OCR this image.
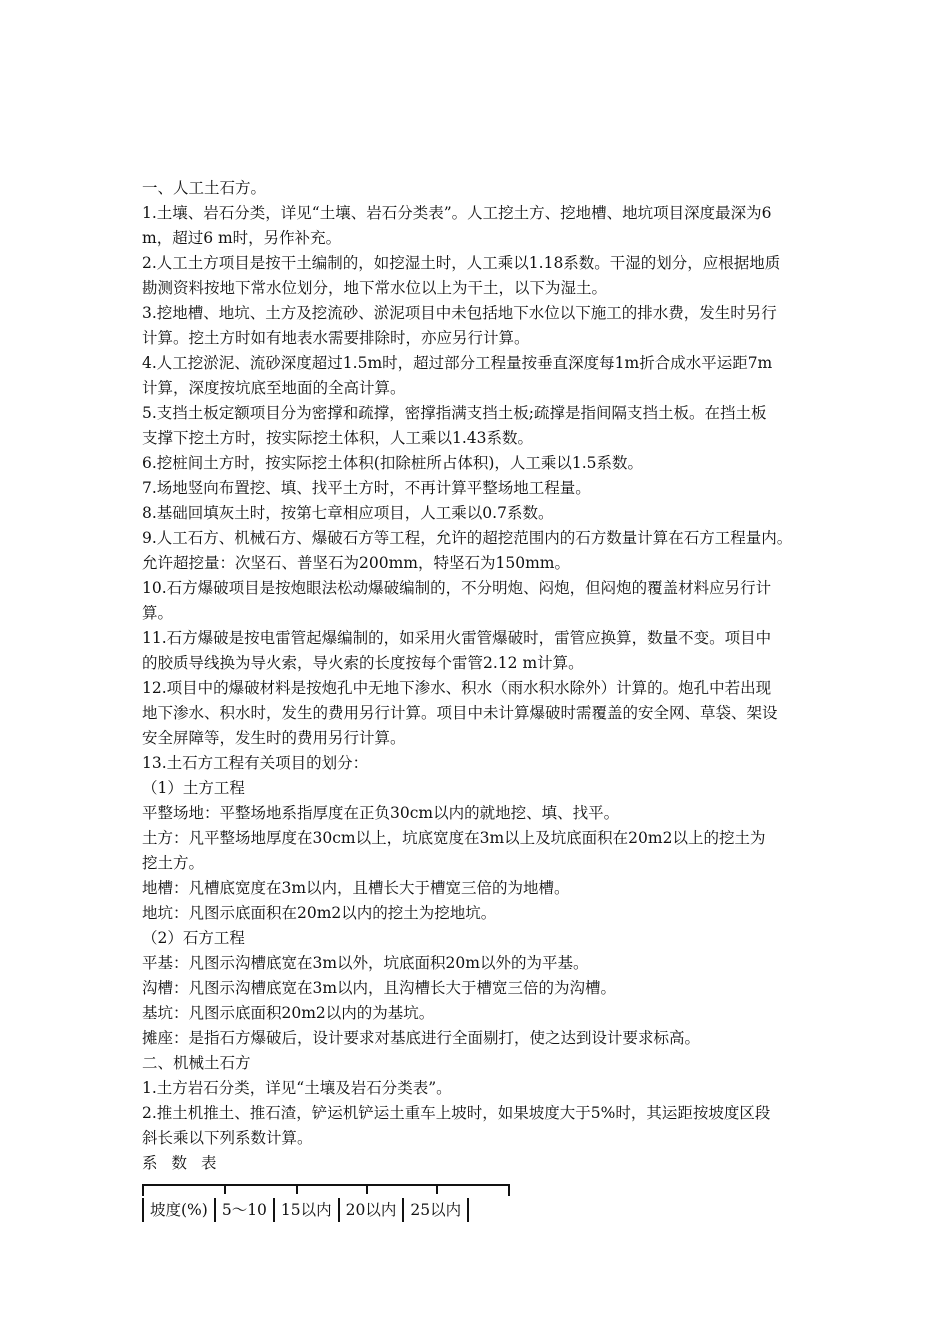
一、人工土石方。
1.土壤、岩石分类，详见“土壤、岩石分类表”。人工挖土方、挖地槽、地坑项目深度最深为6
m，超过6 m时，另作补充。
2.人工土方项目是按干土编制的，如挖湿土时，人工乘以1.18系数。干湿的划分，应根据地质
勘测资料按地下常水位划分，地下常水位以上为干土，以下为湿土。
3.挖地槽、地坑、土方及挖流砂、淤泥项目中未包括地下水位以下施工的排水费，发生时另行
计算。挖土方时如有地表水需要排除时，亦应另行计算。
4.人工挖淤泥、流砂深度超过1.5m时，超过部分工程量按垂直深度每1m折合成水平运距7m
计算，深度按坑底至地面的全高计算。
5.支挡土板定额项目分为密撑和疏撑，密撑指满支挡土板;疏撑是指间隔支挡土板。在挡土板
支撑下挖土方时，按实际挖土体积，人工乘以1.43系数。
6.挖桩间土方时，按实际挖土体积(扣除桩所占体积)，人工乘以1.5系数。
7.场地竖向布置挖、填、找平土方时，不再计算平整场地工程量。
8.基础回填灰土时，按第七章相应项目，人工乘以0.7系数。
9.人工石方、机械石方、爆破石方等工程，允许的超挖范围内的石方数量计算在石方工程量内。
允许超挖量：次坚石、普坚石为200mm，特坚石为150mm。
10.石方爆破项目是按炮眼法松动爆破编制的，不分明炮、闷炮，但闷炮的覆盖材料应另行计
算。
11.石方爆破是按电雷管起爆编制的，如采用火雷管爆破时，雷管应换算，数量不变。项目中
的胶质导线换为导火索，导火索的长度按每个雷管2.12 m计算。
12.项目中的爆破材料是按炮孔中无地下渗水、积水（雨水积水除外）计算的。炮孔中若出现
地下渗水、积水时，发生的费用另行计算。项目中未计算爆破时需覆盖的安全网、草袋、架设
安全屏障等，发生时的费用另行计算。
13.土石方工程有关项目的划分：
（1）土方工程
平整场地：平整场地系指厚度在正负30cm以内的就地挖、填、找平。
土方：凡平整场地厚度在30cm以上，坑底宽度在3m以上及坑底面积在20m2以上的挖土为
挖土方。
地槽：凡槽底宽度在3m以内，且槽长大于槽宽三倍的为地槽。
地坑：凡图示底面积在20m2以内的挖土为挖地坑。
（2）石方工程
平基：凡图示沟槽底宽在3m以外，坑底面积20m以外的为平基。
沟槽：凡图示沟槽底宽在3m以内，且沟槽长大于槽宽三倍的为沟槽。
基坑：凡图示底面积20m2以内的为基坑。
摊座：是指石方爆破后，设计要求对基底进行全面剔打，使之达到设计要求标高。
二、机械土石方
1.土方岩石分类，详见“土壤及岩石分类表”。
2.推土机推土、推石渣，铲运机铲运土重车上坡时，如果坡度大于5%时，其运距按坡度区段
斜长乘以下列系数计算。
系数表
坡度(%)	5～10	15以内	20以内	25以内
